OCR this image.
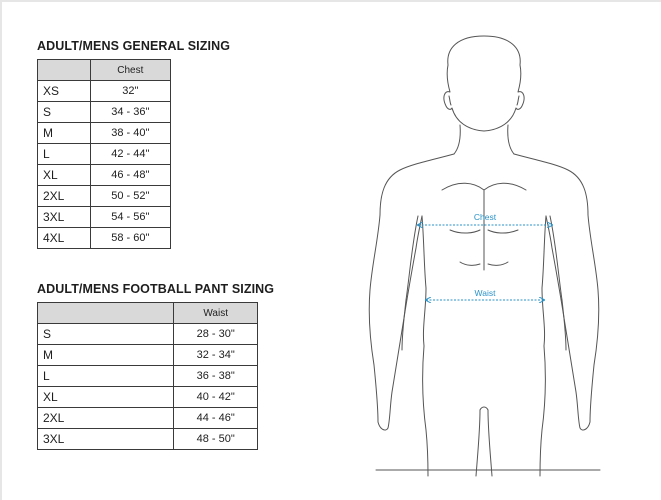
ADULT/MENS GENERAL SIZING
	Chest
XS	32"
S	34 - 36"
M	38 - 40"
L	42 - 44"
XL	46 - 48"
2XL	50 - 52"
3XL	54 - 56"
4XL	58 - 60"
ADULT/MENS FOOTBALL PANT SIZING
	Waist
S	28 - 30"
M	32 - 34"
L	36 - 38"
XL	40 - 42"
2XL	44 - 46"
3XL	48 - 50"
Chest
Waist
